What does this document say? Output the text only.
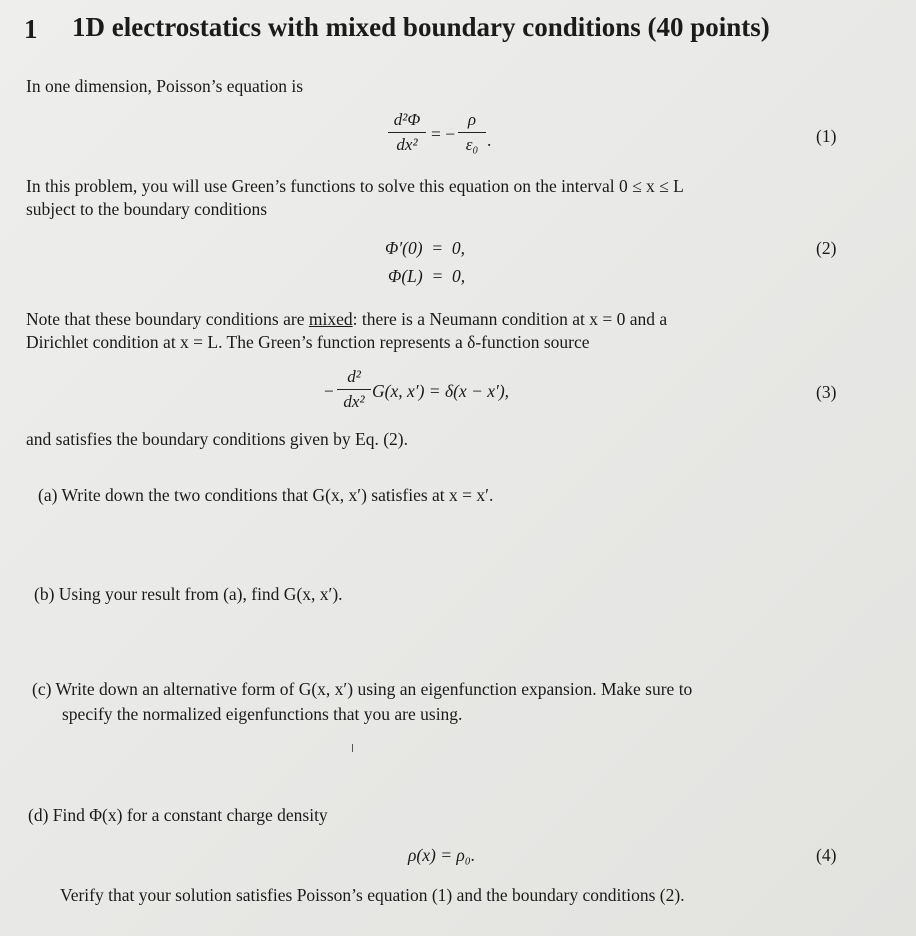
1 1D electrostatics with mixed boundary conditions (40 points)
In one dimension, Poisson’s equation is
d²Φ
dx²
= −
ρ
ε₀ .	(1)
In this problem, you will use Green’s functions to solve this equation on the interval 0 ≤ x ≤ L
subject to the boundary conditions
Φ′(0)  =  0,
Φ(L)  =  0,
(2)
Note that these boundary conditions are mixed: there is a Neumann condition at x = 0 and a
Dirichlet condition at x = L. The Green’s function represents a δ-function source
−
d²
dx²
G(x, x′) = δ(x − x′),	(3)
and satisfies the boundary conditions given by Eq. (2).
(a) Write down the two conditions that G(x, x′) satisfies at x = x′.
(b) Using your result from (a), find G(x, x′).
(c) Write down an alternative form of G(x, x′) using an eigenfunction expansion. Make sure to
specify the normalized eigenfunctions that you are using.
(d) Find Φ(x) for a constant charge density
ρ(x) = ρ₀.	(4)
Verify that your solution satisfies Poisson’s equation (1) and the boundary conditions (2).
